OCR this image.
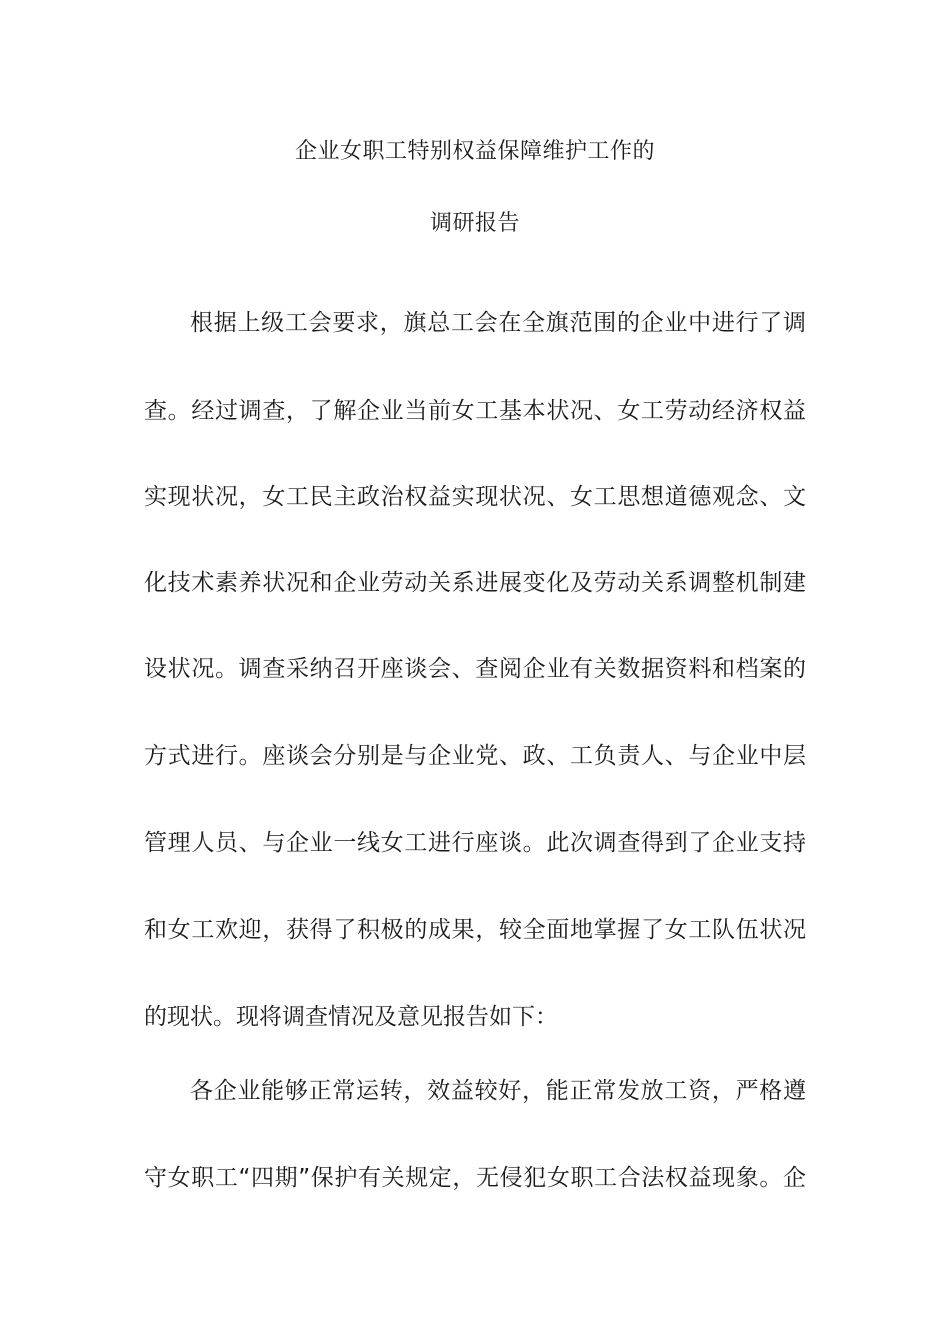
企业女职工特别权益保障维护工作的
调研报告
根据上级工会要求，旗总工会在全旗范围的企业中进行了调
查。经过调查，了解企业当前女工基本状况、女工劳动经济权益
实现状况，女工民主政治权益实现状况、女工思想道德观念、文
化技术素养状况和企业劳动关系进展变化及劳动关系调整机制建
设状况。调查采纳召开座谈会、查阅企业有关数据资料和档案的
方式进行。座谈会分别是与企业党、政、工负责人、与企业中层
管理人员、与企业一线女工进行座谈。此次调查得到了企业支持
和女工欢迎，获得了积极的成果，较全面地掌握了女工队伍状况
的现状。现将调查情况及意见报告如下：
各企业能够正常运转，效益较好，能正常发放工资，严格遵
守女职工“四期”保护有关规定，无侵犯女职工合法权益现象。企
